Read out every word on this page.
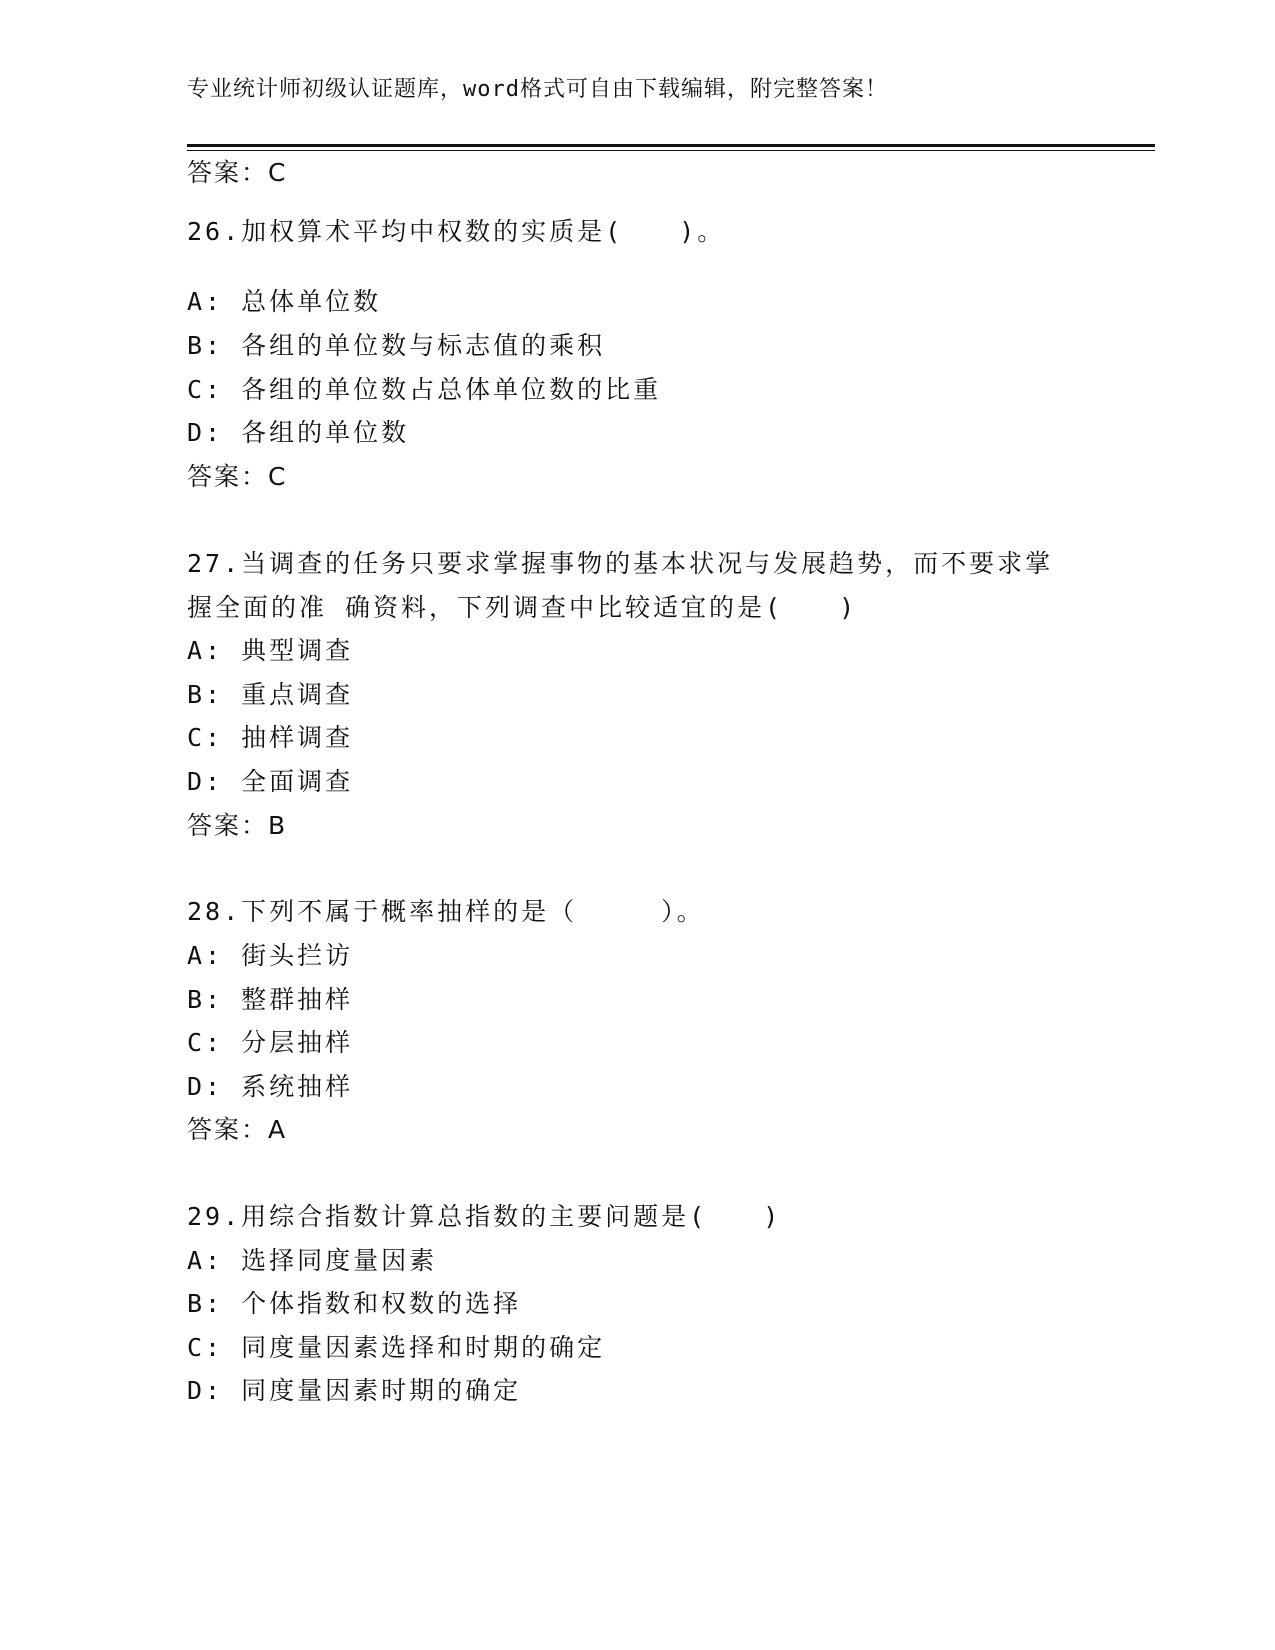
专业统计师初级认证题库，word格式可自由下载编辑，附完整答案！
答案：C
26.加权算术平均中权数的实质是(　　)。
A: 总体单位数
B: 各组的单位数与标志值的乘积
C: 各组的单位数占总体单位数的比重
D: 各组的单位数
答案：C
27.当调查的任务只要求掌握事物的基本状况与发展趋势，而不要求掌
握全面的准 确资料，下列调查中比较适宜的是(　　)
A: 典型调查
B: 重点调查
C: 抽样调查
D: 全面调查
答案：B
28.下列不属于概率抽样的是（　　　）。
A: 街头拦访
B: 整群抽样
C: 分层抽样
D: 系统抽样
答案：A
29.用综合指数计算总指数的主要问题是(　　)
A: 选择同度量因素
B: 个体指数和权数的选择
C: 同度量因素选择和时期的确定
D: 同度量因素时期的确定
